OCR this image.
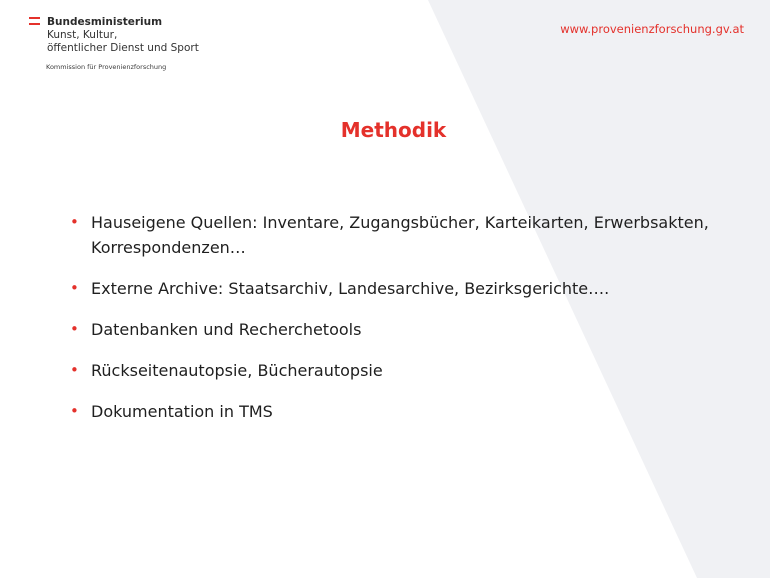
Bundesministerium
Kunst, Kultur,
öffentlicher Dienst und Sport
Kommission für Provenienzforschung
www.provenienzforschung.gv.at
Methodik
• Hauseigene Quellen: Inventare, Zugangsbücher, Karteikarten, Erwerbsakten, Korrespondenzen…
• Externe Archive: Staatsarchiv, Landesarchive, Bezirksgerichte….
• Datenbanken und Recherchetools
• Rückseitenautopsie, Bücherautopsie
• Dokumentation in TMS
